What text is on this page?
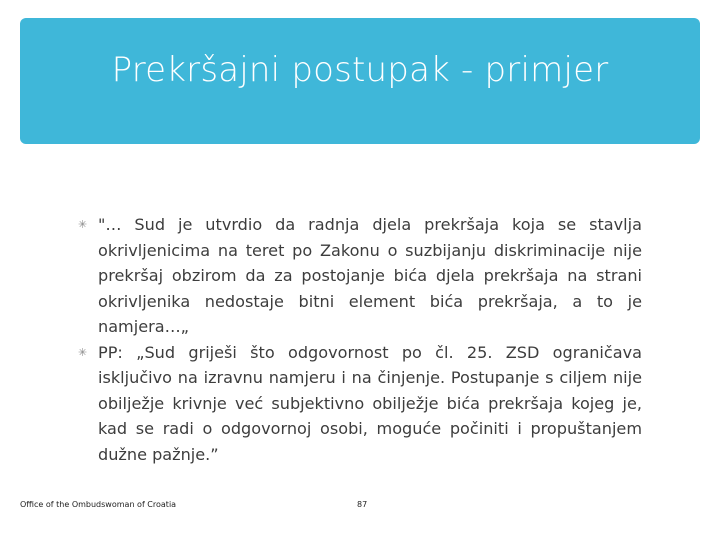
Prekršajni postupak - primjer
✳ "… Sud je utvrdio da radnja djela prekršaja koja se stavlja okrivljenicima na teret po Zakonu o suzbijanju diskriminacije nije prekršaj obzirom da za postojanje bića djela prekršaja na strani okrivljenika nedostaje bitni element bića prekršaja, a to je namjera…„
✳ PP: „Sud griješi što odgovornost po čl. 25. ZSD ograničava isključivo na izravnu namjeru i na činjenje. Postupanje s ciljem nije obilježje krivnje već subjektivno obilježje bića prekršaja kojeg je, kad se radi o odgovornoj osobi, moguće počiniti i propuštanjem dužne pažnje.”
Office of the Ombudswoman of Croatia	87
